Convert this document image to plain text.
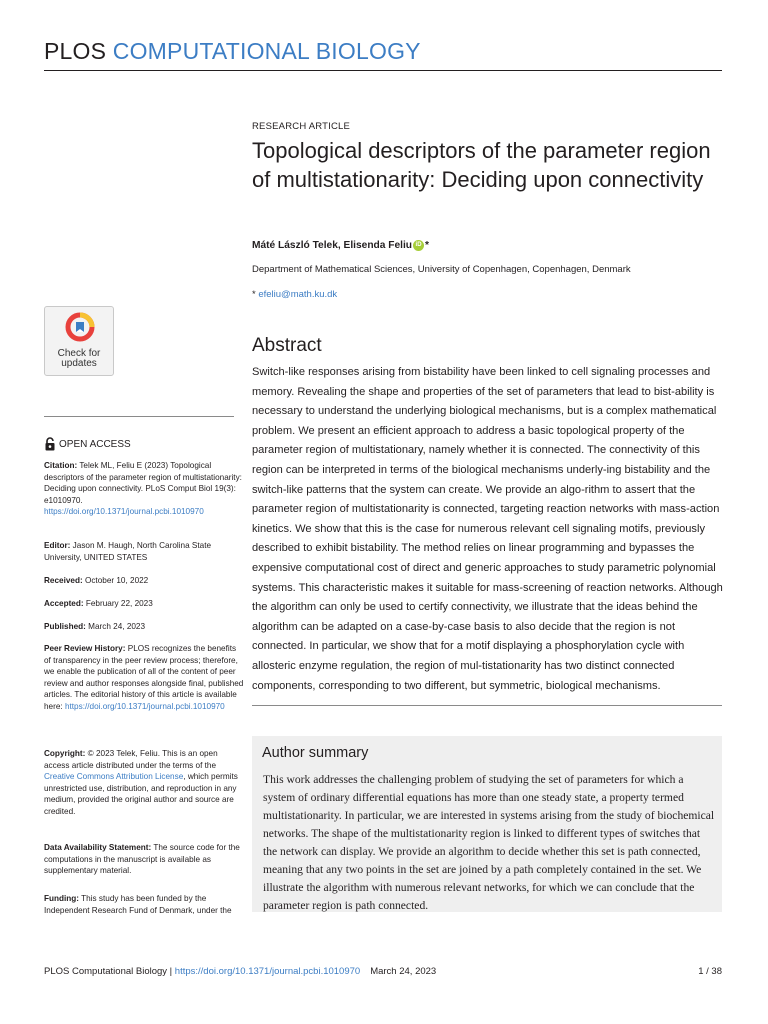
PLOS COMPUTATIONAL BIOLOGY
Check for
updates
OPEN ACCESS
Citation: Telek ML, Feliu E (2023) Topological descriptors of the parameter region of multistationarity: Deciding upon connectivity. PLoS Comput Biol 19(3): e1010970. https://doi.org/10.1371/journal.pcbi.1010970
Editor: Jason M. Haugh, North Carolina State University, UNITED STATES
Received: October 10, 2022
Accepted: February 22, 2023
Published: March 24, 2023
Peer Review History: PLOS recognizes the benefits of transparency in the peer review process; therefore, we enable the publication of all of the content of peer review and author responses alongside final, published articles. The editorial history of this article is available here: https://doi.org/10.1371/journal.pcbi.1010970
Copyright: © 2023 Telek, Feliu. This is an open access article distributed under the terms of the Creative Commons Attribution License, which permits unrestricted use, distribution, and reproduction in any medium, provided the original author and source are credited.
Data Availability Statement: The source code for the computations in the manuscript is available as supplementary material.
Funding: This study has been funded by the Independent Research Fund of Denmark, under the
RESEARCH ARTICLE
Topological descriptors of the parameter region of multistationarity: Deciding upon connectivity
Máté László Telek, Elisenda Feliu iD *
Department of Mathematical Sciences, University of Copenhagen, Copenhagen, Denmark
* efeliu@math.ku.dk
Abstract
Switch-like responses arising from bistability have been linked to cell signaling processes and memory. Revealing the shape and properties of the set of parameters that lead to bist-ability is necessary to understand the underlying biological mechanisms, but is a complex mathematical problem. We present an efficient approach to address a basic topological property of the parameter region of multistationary, namely whether it is connected. The connectivity of this region can be interpreted in terms of the biological mechanisms underly-ing bistability and the switch-like patterns that the system can create. We provide an algo-rithm to assert that the parameter region of multistationarity is connected, targeting reaction networks with mass-action kinetics. We show that this is the case for numerous relevant cell signaling motifs, previously described to exhibit bistability. The method relies on linear programming and bypasses the expensive computational cost of direct and generic approaches to study parametric polynomial systems. This characteristic makes it suitable for mass-screening of reaction networks. Although the algorithm can only be used to certify connectivity, we illustrate that the ideas behind the algorithm can be adapted on a case-by-case basis to also decide that the region is not connected. In particular, we show that for a motif displaying a phosphorylation cycle with allosteric enzyme regulation, the region of mul-tistationarity has two distinct connected components, corresponding to two different, but symmetric, biological mechanisms.
Author summary
This work addresses the challenging problem of studying the set of parameters for which a system of ordinary differential equations has more than one steady state, a property termed multistationarity. In particular, we are interested in systems arising from the study of biochemical networks. The shape of the multistationarity region is linked to different types of switches that the network can display. We provide an algorithm to decide whether this set is path connected, meaning that any two points in the set are joined by a path completely contained in the set. We illustrate the algorithm with numerous relevant networks, for which we can conclude that the parameter region is path connected.
PLOS Computational Biology | https://doi.org/10.1371/journal.pcbi.1010970 March 24, 2023	1 / 38
